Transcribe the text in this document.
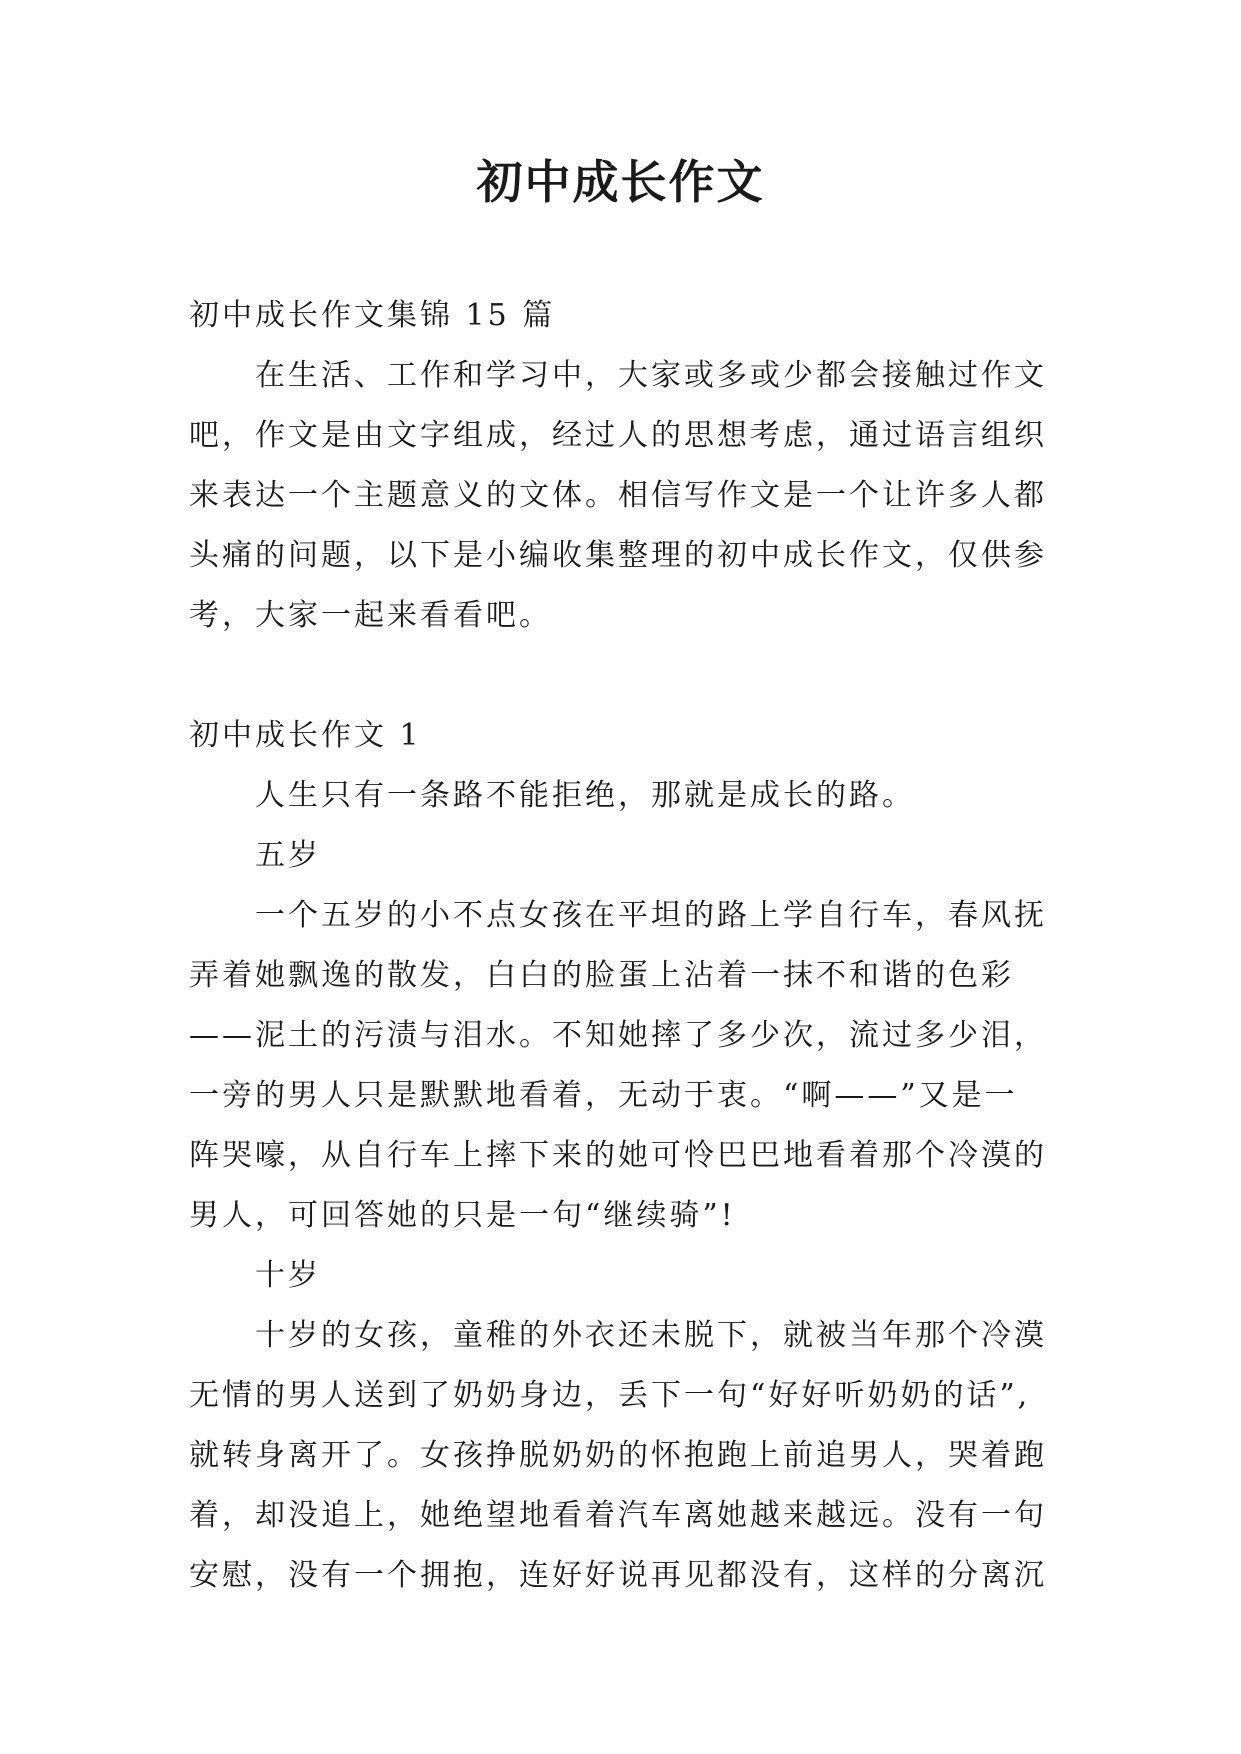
初中成长作文
初中成长作文集锦 15 篇
在生活、工作和学习中，大家或多或少都会接触过作文
吧，作文是由文字组成，经过人的思想考虑，通过语言组织
来表达一个主题意义的文体。相信写作文是一个让许多人都
头痛的问题，以下是小编收集整理的初中成长作文，仅供参
考，大家一起来看看吧。
初中成长作文 1
人生只有一条路不能拒绝，那就是成长的路。
五岁
一个五岁的小不点女孩在平坦的路上学自行车，春风抚
弄着她飘逸的散发，白白的脸蛋上沾着一抹不和谐的色彩
——泥土的污渍与泪水。不知她摔了多少次，流过多少泪，
一旁的男人只是默默地看着，无动于衷。“啊——”又是一
阵哭嚎，从自行车上摔下来的她可怜巴巴地看着那个冷漠的
男人，可回答她的只是一句“继续骑”!
十岁
十岁的女孩，童稚的外衣还未脱下，就被当年那个冷漠
无情的男人送到了奶奶身边，丢下一句“好好听奶奶的话”,
就转身离开了。女孩挣脱奶奶的怀抱跑上前追男人，哭着跑
着，却没追上，她绝望地看着汽车离她越来越远。没有一句
安慰，没有一个拥抱，连好好说再见都没有，这样的分离沉
